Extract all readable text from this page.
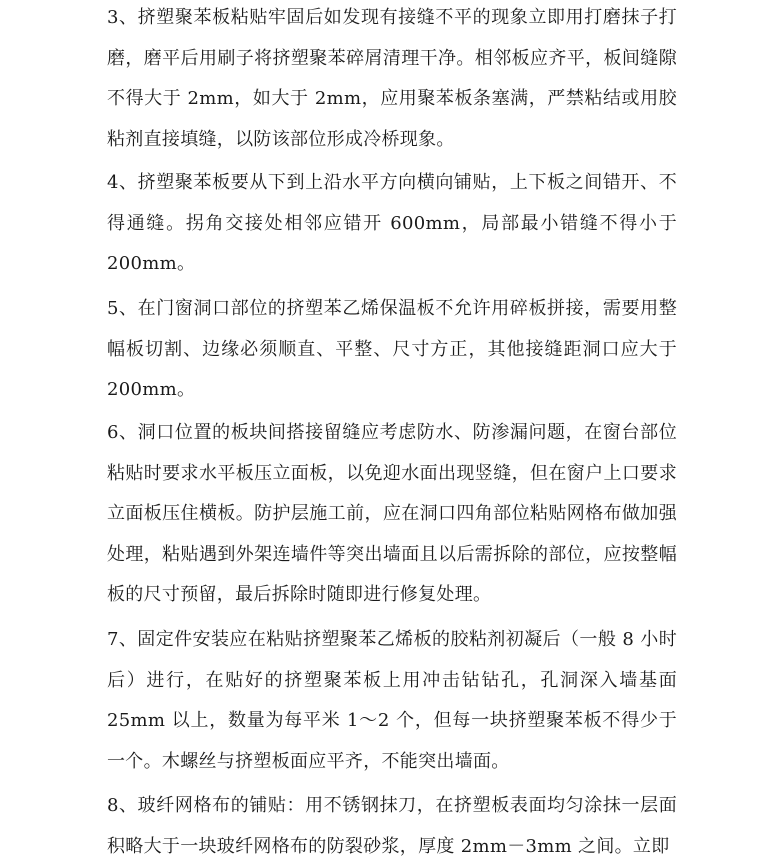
3、挤塑聚苯板粘贴牢固后如发现有接缝不平的现象立即用打磨抹子打磨，磨平后用刷子将挤塑聚苯碎屑清理干净。相邻板应齐平，板间缝隙不得大于 2mm，如大于 2mm，应用聚苯板条塞满，严禁粘结或用胶粘剂直接填缝，以防该部位形成冷桥现象。

4、挤塑聚苯板要从下到上沿水平方向横向铺贴，上下板之间错开、不得通缝。拐角交接处相邻应错开 600mm，局部最小错缝不得小于 200mm。

5、在门窗洞口部位的挤塑苯乙烯保温板不允许用碎板拼接，需要用整幅板切割、边缘必须顺直、平整、尺寸方正，其他接缝距洞口应大于 200mm。

6、洞口位置的板块间搭接留缝应考虑防水、防渗漏问题，在窗台部位粘贴时要求水平板压立面板，以免迎水面出现竖缝，但在窗户上口要求立面板压住横板。防护层施工前，应在洞口四角部位粘贴网格布做加强处理，粘贴遇到外架连墙件等突出墙面且以后需拆除的部位，应按整幅板的尺寸预留，最后拆除时随即进行修复处理。

7、固定件安装应在粘贴挤塑聚苯乙烯板的胶粘剂初凝后（一般 8 小时后）进行，在贴好的挤塑聚苯板上用冲击钻钻孔，孔洞深入墙基面 25mm 以上，数量为每平米 1～2 个，但每一块挤塑聚苯板不得少于一个。木螺丝与挤塑板面应平齐，不能突出墙面。

8、玻纤网格布的铺贴：用不锈钢抹刀，在挤塑板表面均匀涂抹一层面积略大于一块玻纤网格布的防裂砂浆，厚度 2mm－3mm 之间。立即
